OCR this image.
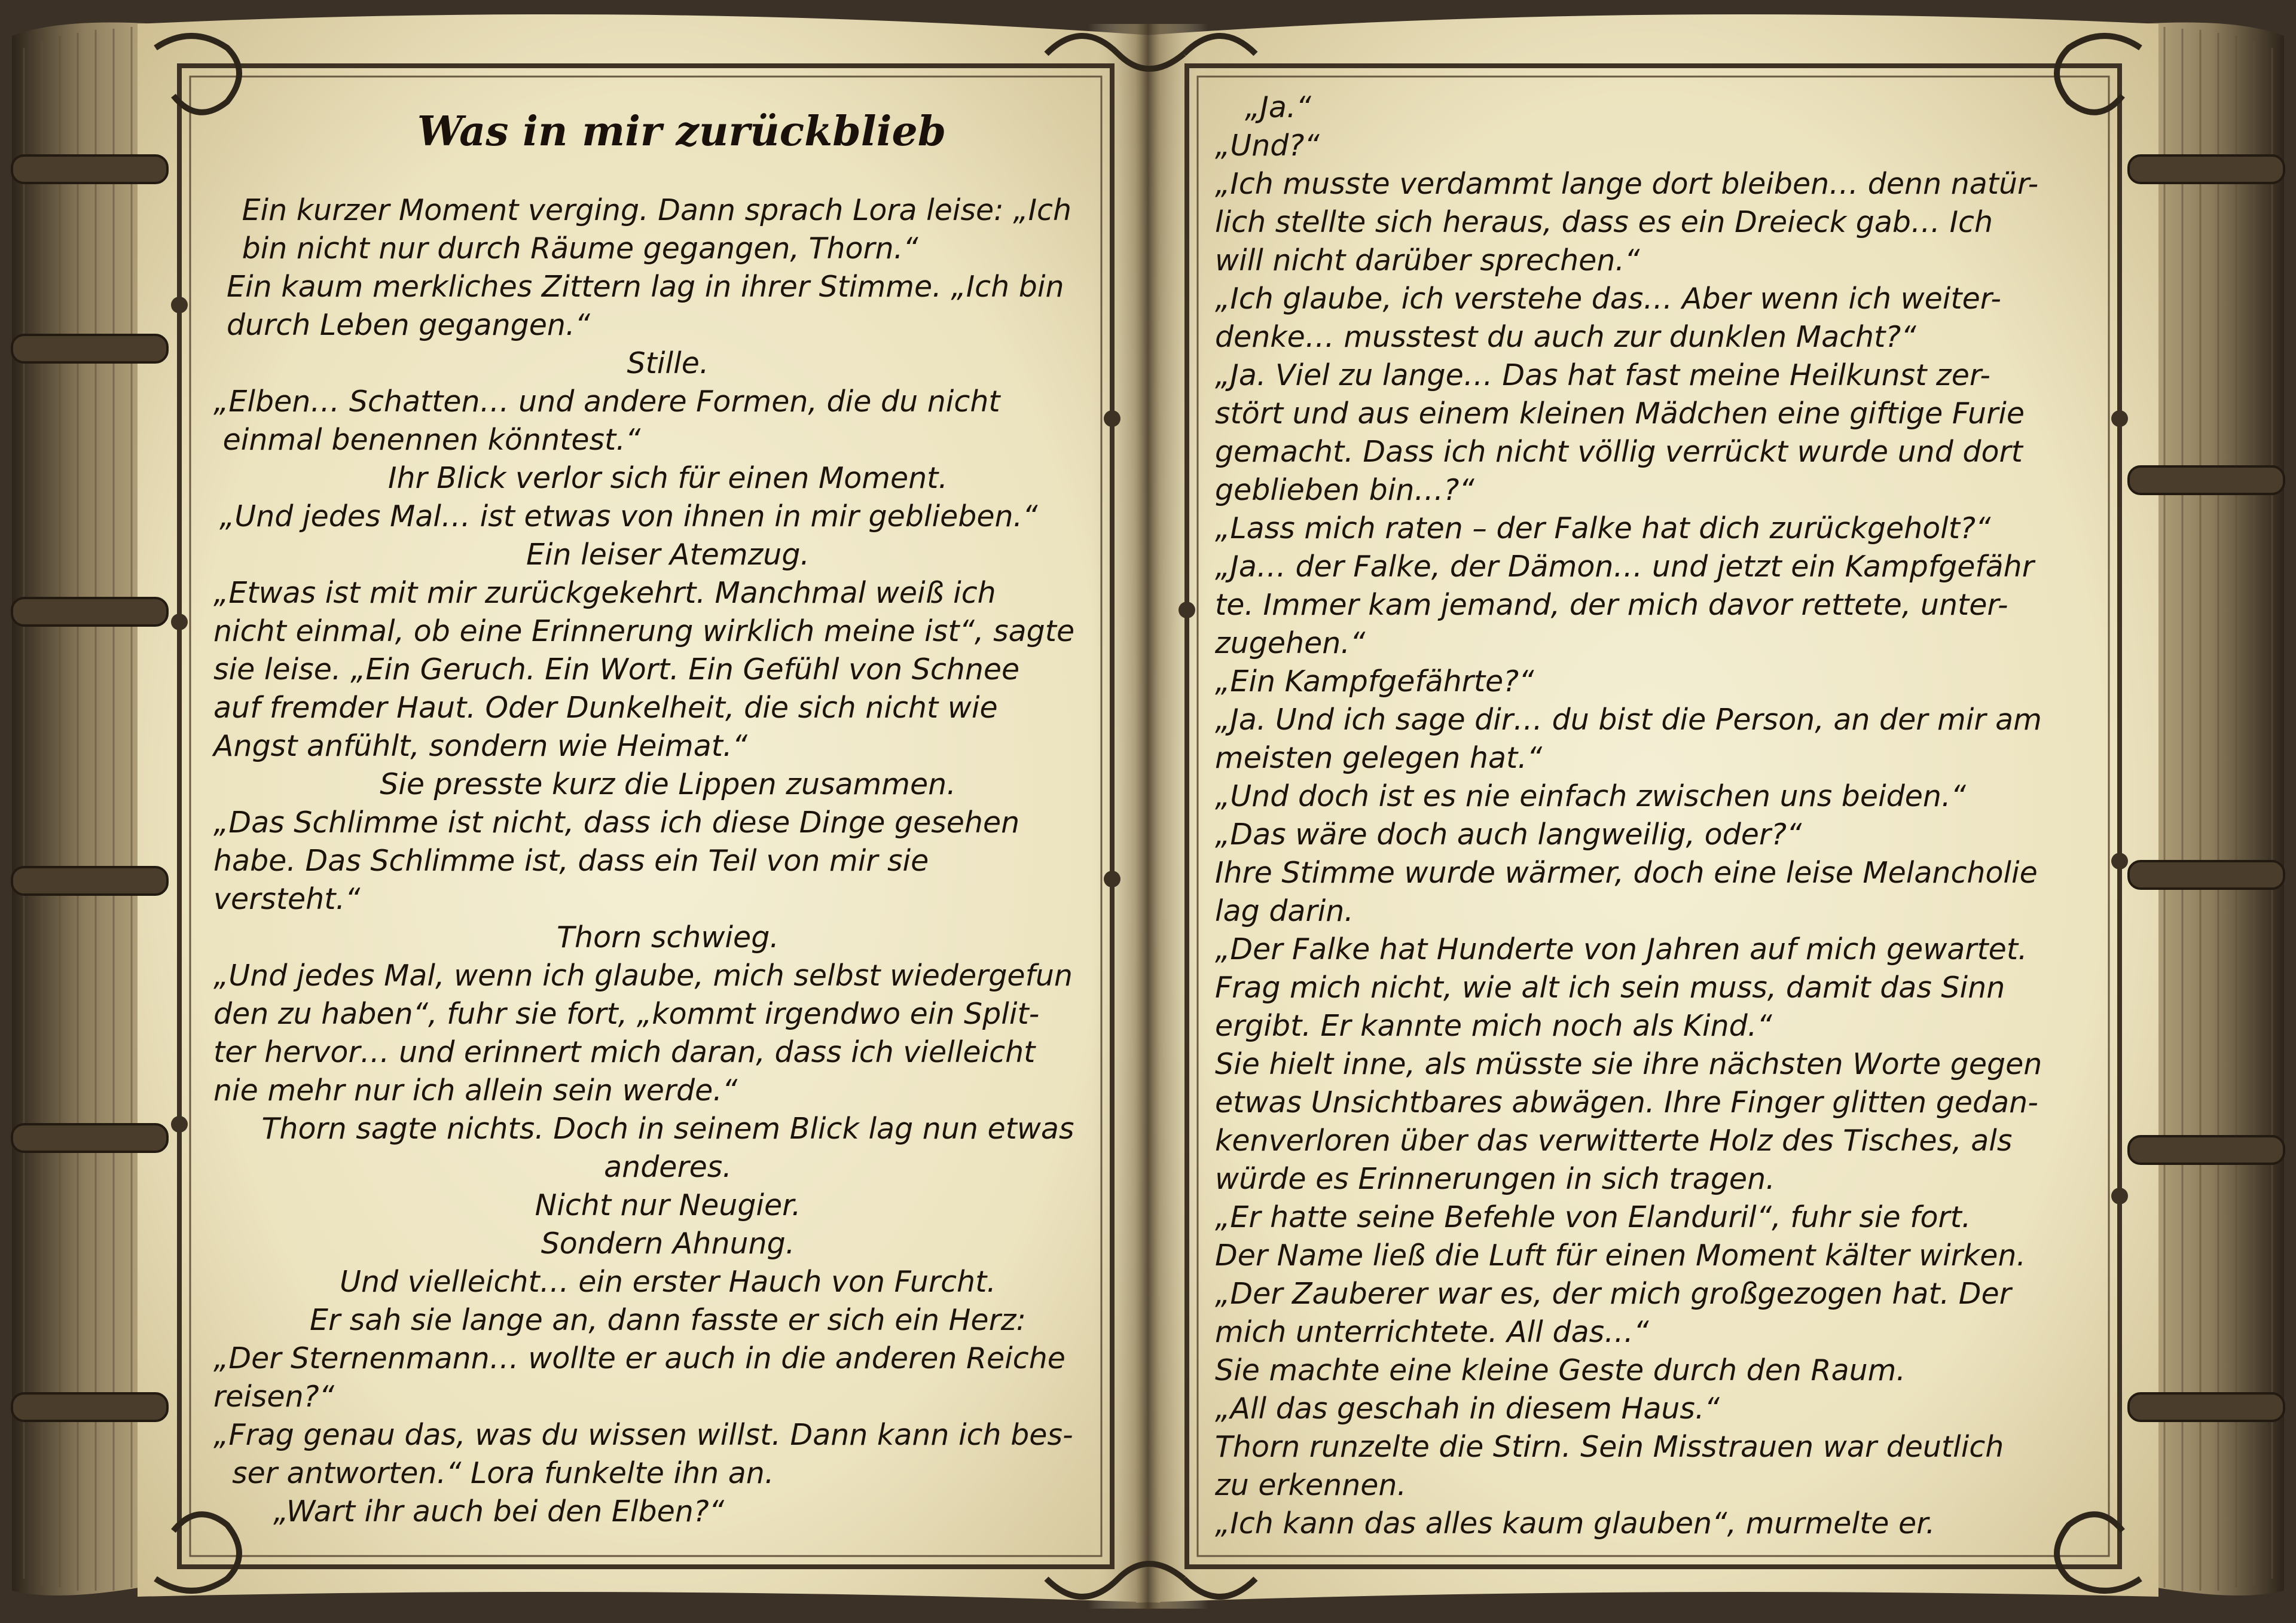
Was in mir zurückblieb
Ein kurzer Moment verging. Dann sprach Lora leise: „Ich
bin nicht nur durch Räume gegangen, Thorn.“
Ein kaum merkliches Zittern lag in ihrer Stimme. „Ich bin
durch Leben gegangen.“
Stille.
„Elben… Schatten… und andere Formen, die du nicht
einmal benennen könntest.“
Ihr Blick verlor sich für einen Moment.
„Und jedes Mal… ist etwas von ihnen in mir geblieben.“
Ein leiser Atemzug.
„Etwas ist mit mir zurückgekehrt. Manchmal weiß ich
nicht einmal, ob eine Erinnerung wirklich meine ist“, sagte
sie leise. „Ein Geruch. Ein Wort. Ein Gefühl von Schnee
auf fremder Haut. Oder Dunkelheit, die sich nicht wie
Angst anfühlt, sondern wie Heimat.“
Sie presste kurz die Lippen zusammen.
„Das Schlimme ist nicht, dass ich diese Dinge gesehen
habe. Das Schlimme ist, dass ein Teil von mir sie
versteht.“
Thorn schwieg.
„Und jedes Mal, wenn ich glaube, mich selbst wiedergefun
den zu haben“, fuhr sie fort, „kommt irgendwo ein Split-
ter hervor… und erinnert mich daran, dass ich vielleicht
nie mehr nur ich allein sein werde.“
Thorn sagte nichts. Doch in seinem Blick lag nun etwas
anderes.
Nicht nur Neugier.
Sondern Ahnung.
Und vielleicht… ein erster Hauch von Furcht.
Er sah sie lange an, dann fasste er sich ein Herz:
„Der Sternenmann… wollte er auch in die anderen Reiche
reisen?“
„Frag genau das, was du wissen willst. Dann kann ich bes-
ser antworten.“ Lora funkelte ihn an.
„Wart ihr auch bei den Elben?“
„Ja.“
„Und?“
„Ich musste verdammt lange dort bleiben… denn natür-
lich stellte sich heraus, dass es ein Dreieck gab… Ich
will nicht darüber sprechen.“
„Ich glaube, ich verstehe das… Aber wenn ich weiter-
denke… musstest du auch zur dunklen Macht?“
„Ja. Viel zu lange… Das hat fast meine Heilkunst zer-
stört und aus einem kleinen Mädchen eine giftige Furie
gemacht. Dass ich nicht völlig verrückt wurde und dort
geblieben bin…?“
„Lass mich raten – der Falke hat dich zurückgeholt?“
„Ja… der Falke, der Dämon… und jetzt ein Kampfgefähr
te. Immer kam jemand, der mich davor rettete, unter-
zugehen.“
„Ein Kampfgefährte?“
„Ja. Und ich sage dir… du bist die Person, an der mir am
meisten gelegen hat.“
„Und doch ist es nie einfach zwischen uns beiden.“
„Das wäre doch auch langweilig, oder?“
Ihre Stimme wurde wärmer, doch eine leise Melancholie
lag darin.
„Der Falke hat Hunderte von Jahren auf mich gewartet.
Frag mich nicht, wie alt ich sein muss, damit das Sinn
ergibt. Er kannte mich noch als Kind.“
Sie hielt inne, als müsste sie ihre nächsten Worte gegen
etwas Unsichtbares abwägen. Ihre Finger glitten gedan-
kenverloren über das verwitterte Holz des Tisches, als
würde es Erinnerungen in sich tragen.
„Er hatte seine Befehle von Elanduril“, fuhr sie fort.
Der Name ließ die Luft für einen Moment kälter wirken.
„Der Zauberer war es, der mich großgezogen hat. Der
mich unterrichtete. All das…“
Sie machte eine kleine Geste durch den Raum.
„All das geschah in diesem Haus.“
Thorn runzelte die Stirn. Sein Misstrauen war deutlich
zu erkennen.
„Ich kann das alles kaum glauben“, murmelte er.
